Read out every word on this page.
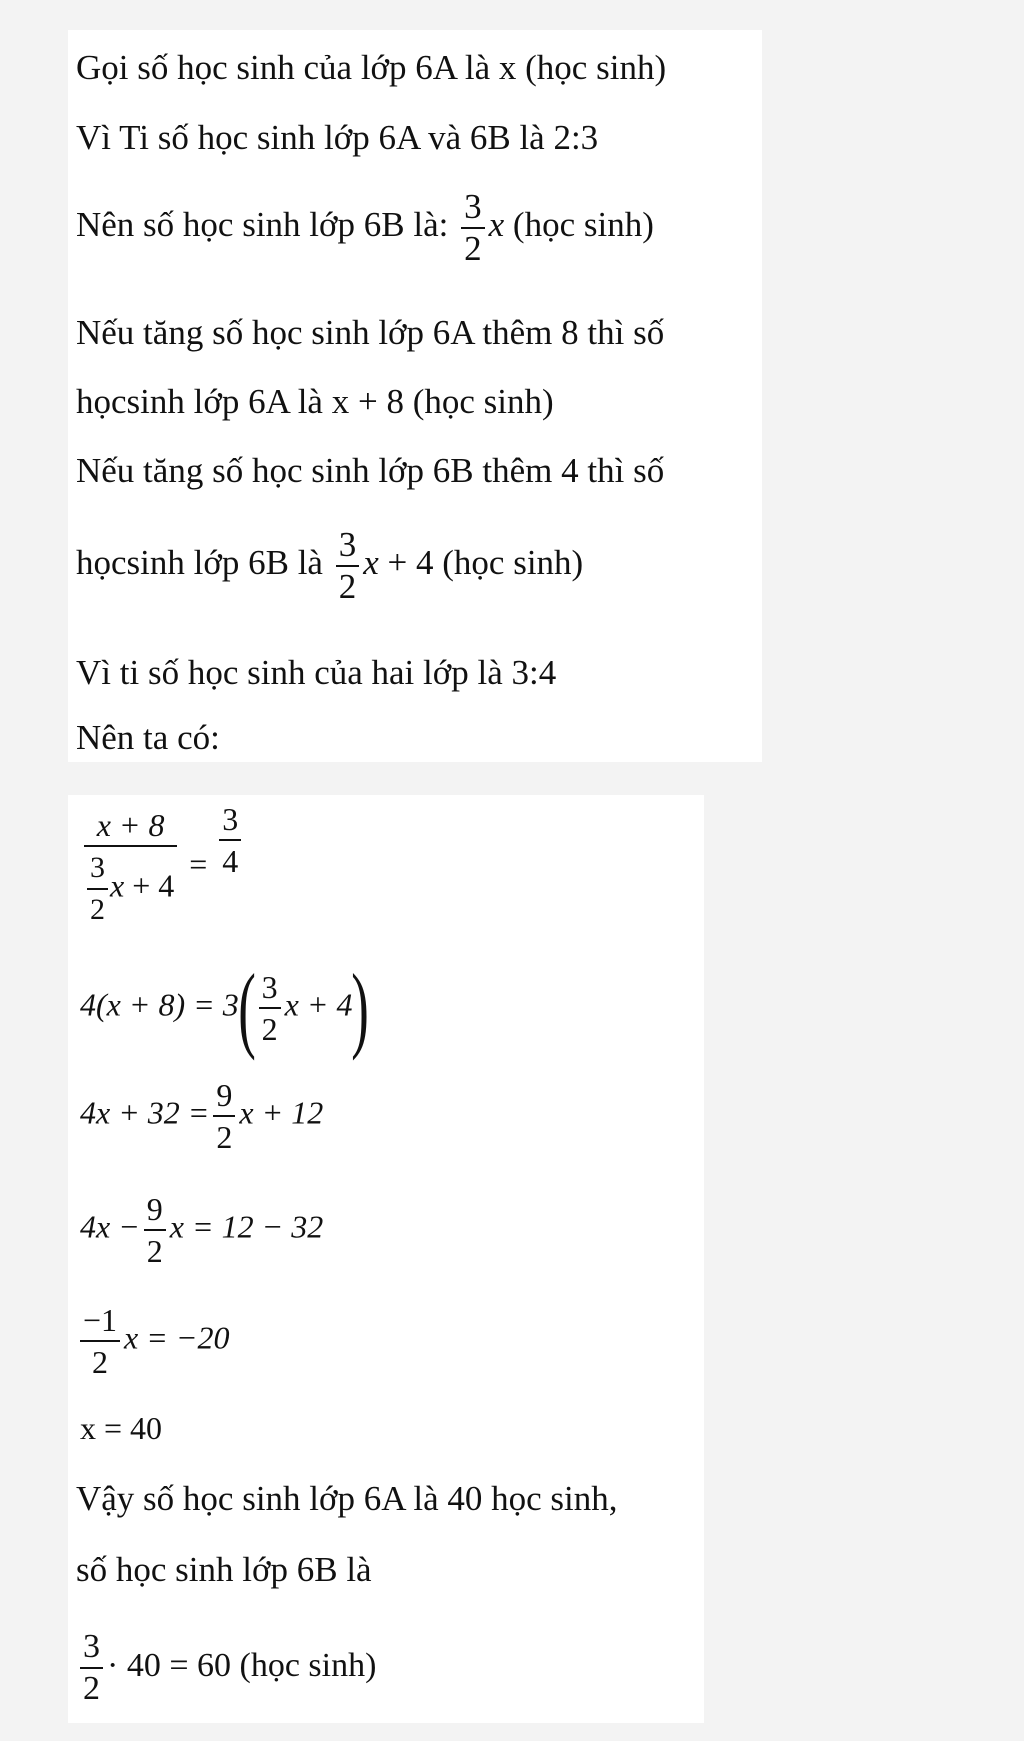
Gọi số học sinh của lớp 6A là x (học sinh)
Vì Ti số học sinh lớp 6A và 6B là 2:3
Nên số học sinh lớp 6B là: $\frac{3}{2}$ x (học sinh)
Nếu tăng số học sinh lớp 6A thêm 8 thì số
họcsinh lớp 6A là x + 8 (học sinh)
Nếu tăng số học sinh lớp 6B thêm 4 thì số
họcsinh lớp 6B là $\frac{3}{2}$ x + 4 (học sinh)
Vì ti số học sinh của hai lớp là 3:4
Nên ta có:
$\frac{x + 8}{\frac{3}{2} x + 4} = \frac{3}{4}$
$4(x + 8) = 3( \frac{3}{2}$ x + 4)
$4x + 32 = \frac{9}{2}$ x + 12
$4x - \frac{9}{2}$ x = 12 − 32
$\frac{-1}{2}$ x = −20
x = 40
Vậy số học sinh lớp 6A là 40 học sinh,
số học sinh lớp 6B là
$\frac{3}{2} \cdot 40 = 60$ (học sinh)
